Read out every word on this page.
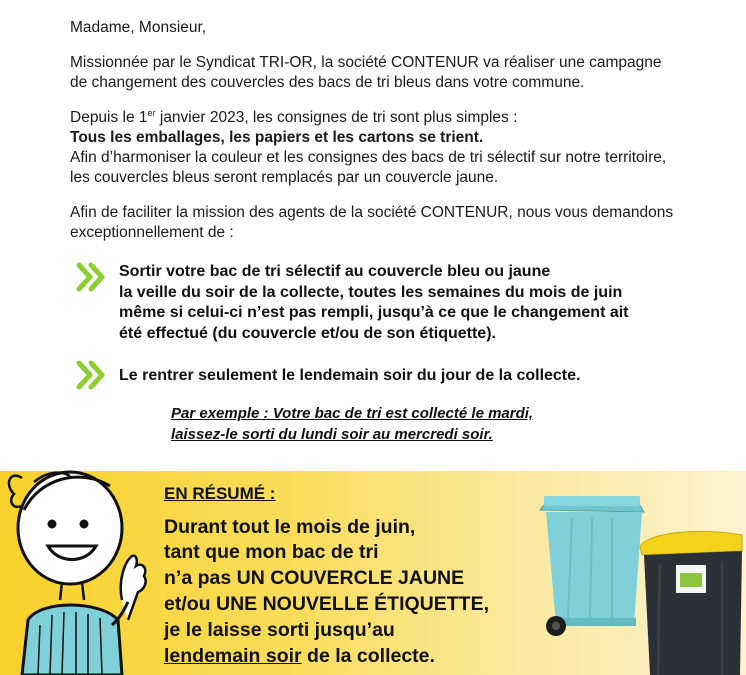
Madame, Monsieur,
Missionnée par le Syndicat TRI-OR, la société CONTENUR va réaliser une campagne
de changement des couvercles des bacs de tri bleus dans votre commune.
Depuis le 1er janvier 2023, les consignes de tri sont plus simples :
Tous les emballages, les papiers et les cartons se trient.
Afin d’harmoniser la couleur et les consignes des bacs de tri sélectif sur notre territoire,
les couvercles bleus seront remplacés par un couvercle jaune.
Afin de faciliter la mission des agents de la société CONTENUR, nous vous demandons
exceptionnellement de :
Sortir votre bac de tri sélectif au couvercle bleu ou jaune
la veille du soir de la collecte, toutes les semaines du mois de juin
même si celui-ci n’est pas rempli, jusqu’à ce que le changement ait
été effectué (du couvercle et/ou de son étiquette).
Le rentrer seulement le lendemain soir du jour de la collecte.
Par exemple : Votre bac de tri est collecté le mardi,
laissez-le sorti du lundi soir au mercredi soir.
EN RÉSUMÉ :
Durant tout le mois de juin,
tant que mon bac de tri
n’a pas UN COUVERCLE JAUNE
et/ou UNE NOUVELLE ÉTIQUETTE,
je le laisse sorti jusqu’au
lendemain soir de la collecte.
